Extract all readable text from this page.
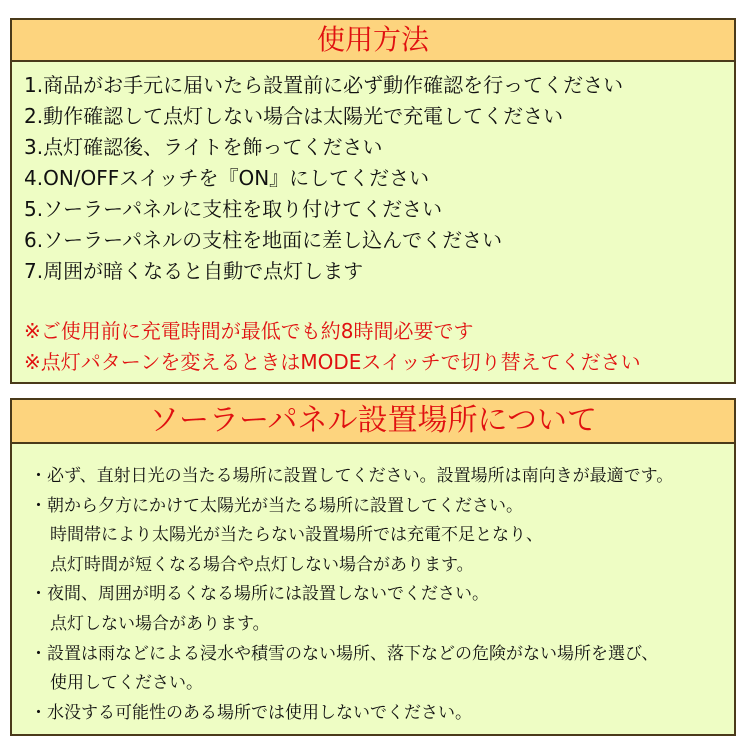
使用方法
1.商品がお手元に届いたら設置前に必ず動作確認を行ってください
2.動作確認して点灯しない場合は太陽光で充電してください
3.点灯確認後、ライトを飾ってください
4.ON/OFFスイッチを『ON』にしてください
5.ソーラーパネルに支柱を取り付けてください
6.ソーラーパネルの支柱を地面に差し込んでください
7.周囲が暗くなると自動で点灯します
※ご使用前に充電時間が最低でも約8時間必要です
※点灯パターンを変えるときはMODEスイッチで切り替えてください
ソーラーパネル設置場所について
・必ず、直射日光の当たる場所に設置してください。設置場所は南向きが最適です。
・朝から夕方にかけて太陽光が当たる場所に設置してください。
時間帯により太陽光が当たらない設置場所では充電不足となり、
点灯時間が短くなる場合や点灯しない場合があります。
・夜間、周囲が明るくなる場所には設置しないでください。
点灯しない場合があります。
・設置は雨などによる浸水や積雪のない場所、落下などの危険がない場所を選び、
使用してください。
・水没する可能性のある場所では使用しないでください。
